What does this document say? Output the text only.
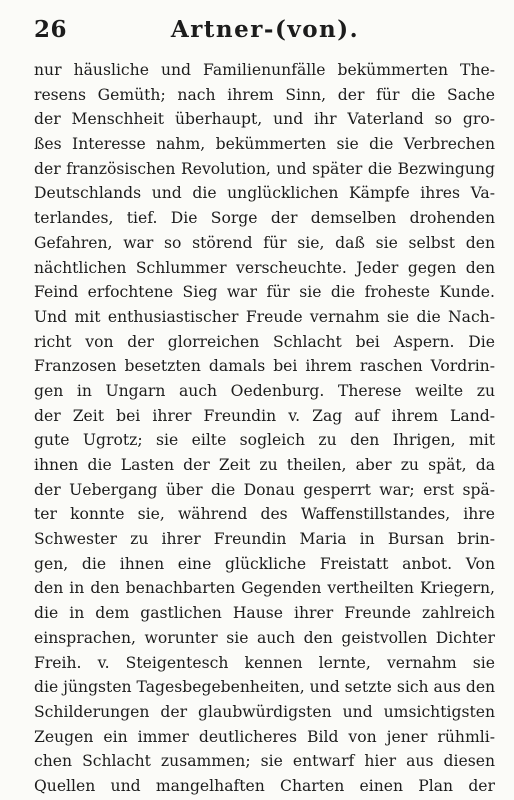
26	Artner-(von).
nur häusliche und Familienunfälle bekümmerten The-
resens Gemüth; nach ihrem Sinn, der für die Sache
der Menschheit überhaupt, und ihr Vaterland so gro-
ßes Interesse nahm, bekümmerten sie die Verbrechen
der französischen Revolution, und später die Bezwingung
Deutschlands und die unglücklichen Kämpfe ihres Va-
terlandes, tief. Die Sorge der demselben drohenden
Gefahren, war so störend für sie, daß sie selbst den
nächtlichen Schlummer verscheuchte. Jeder gegen den
Feind erfochtene Sieg war für sie die froheste Kunde.
Und mit enthusiastischer Freude vernahm sie die Nach-
richt von der glorreichen Schlacht bei Aspern. Die
Franzosen besetzten damals bei ihrem raschen Vordrin-
gen in Ungarn auch Oedenburg. Therese weilte zu
der Zeit bei ihrer Freundin v. Zag auf ihrem Land-
gute Ugrotz; sie eilte sogleich zu den Ihrigen, mit
ihnen die Lasten der Zeit zu theilen, aber zu spät, da
der Uebergang über die Donau gesperrt war; erst spä-
ter konnte sie, während des Waffenstillstandes, ihre
Schwester zu ihrer Freundin Maria in Bursan brin-
gen, die ihnen eine glückliche Freistatt anbot. Von
den in den benachbarten Gegenden vertheilten Kriegern,
die in dem gastlichen Hause ihrer Freunde zahlreich
einsprachen, worunter sie auch den geistvollen Dichter
Freih. v. Steigentesch kennen lernte, vernahm sie
die jüngsten Tagesbegebenheiten, und setzte sich aus den
Schilderungen der glaubwürdigsten und umsichtigsten
Zeugen ein immer deutlicheres Bild von jener rühmli-
chen Schlacht zusammen; sie entwarf hier aus diesen
Quellen und mangelhaften Charten einen Plan der
